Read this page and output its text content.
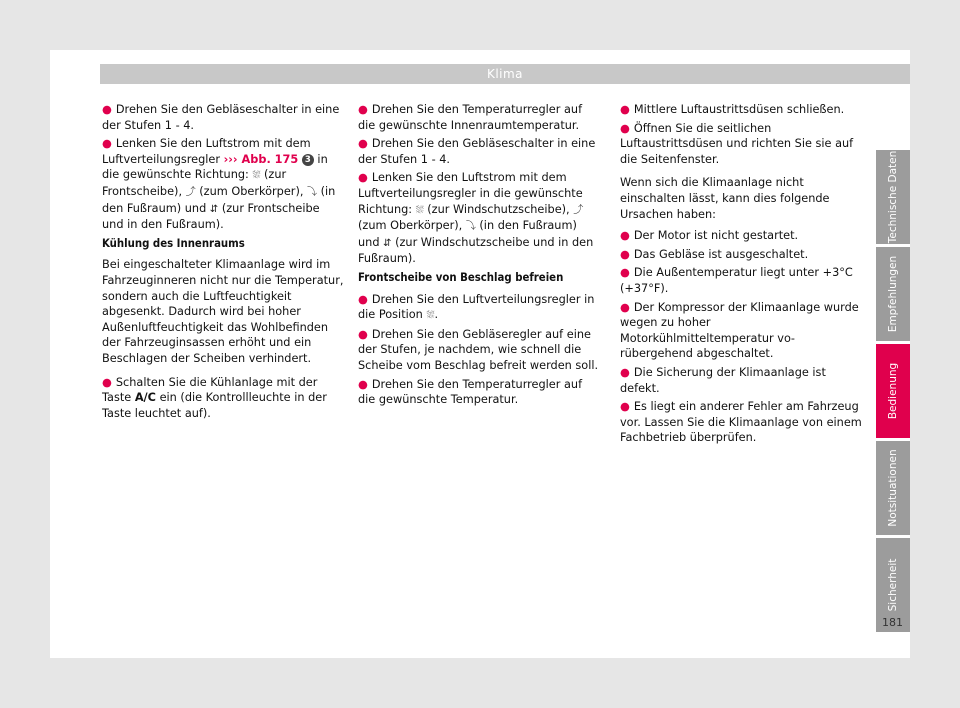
Klima

● Drehen Sie den Gebläseschalter in eine der Stufen 1 - 4.

● Lenken Sie den Luftstrom mit dem Luftverteilungsregler ››› Abb. 175 3 in die gewünschte Richtung: ⛆ (zur Frontscheibe), ⤴ (zum Oberkörper), ⤵ (in den Fußraum) und ⇵ (zur Frontscheibe und in den Fußraum).

Kühlung des Innenraums

Bei eingeschalteter Klimaanlage wird im Fahrzeuginneren nicht nur die Temperatur, sondern auch die Luftfeuchtigkeit abgesenkt. Dadurch wird bei hoher Außenluftfeuchtigkeit das Wohlbefinden der Fahrzeuginsassen erhöht und ein Beschlagen der Scheiben verhindert.

● Schalten Sie die Kühlanlage mit der Taste A/C ein (die Kontrollleuchte in der Taste leuchtet auf).

● Drehen Sie den Temperaturregler auf die gewünschte Innenraumtemperatur.

● Drehen Sie den Gebläseschalter in eine der Stufen 1 - 4.

● Lenken Sie den Luftstrom mit dem Luftverteilungsregler in die gewünschte Richtung: ⛆ (zur Windschutzscheibe), ⤴ (zum Oberkörper), ⤵ (in den Fußraum) und ⇵ (zur Windschutzscheibe und in den Fußraum).

Frontscheibe von Beschlag befreien

● Drehen Sie den Luftverteilungsregler in die Position ⛆.

● Drehen Sie den Gebläseregler auf eine der Stufen, je nachdem, wie schnell die Scheibe vom Beschlag befreit werden soll.

● Drehen Sie den Temperaturregler auf die gewünschte Temperatur.

● Mittlere Luftaustrittsdüsen schließen.

● Öffnen Sie die seitlichen Luftaustrittsdüsen und richten Sie sie auf die Seitenfenster.

Wenn sich die Klimaanlage nicht einschalten lässt, kann dies folgende Ursachen haben:

● Der Motor ist nicht gestartet.

● Das Gebläse ist ausgeschaltet.

● Die Außentemperatur liegt unter +3°C (+37°F).

● Der Kompressor der Klimaanlage wurde wegen zu hoher Motorkühlmitteltemperatur vorübergehend abgeschaltet.

● Die Sicherung der Klimaanlage ist defekt.

● Es liegt ein anderer Fehler am Fahrzeug vor. Lassen Sie die Klimaanlage von einem Fachbetrieb überprüfen.

Technische Daten
Empfehlungen
Bedienung
Notsituationen
Sicherheit
181
